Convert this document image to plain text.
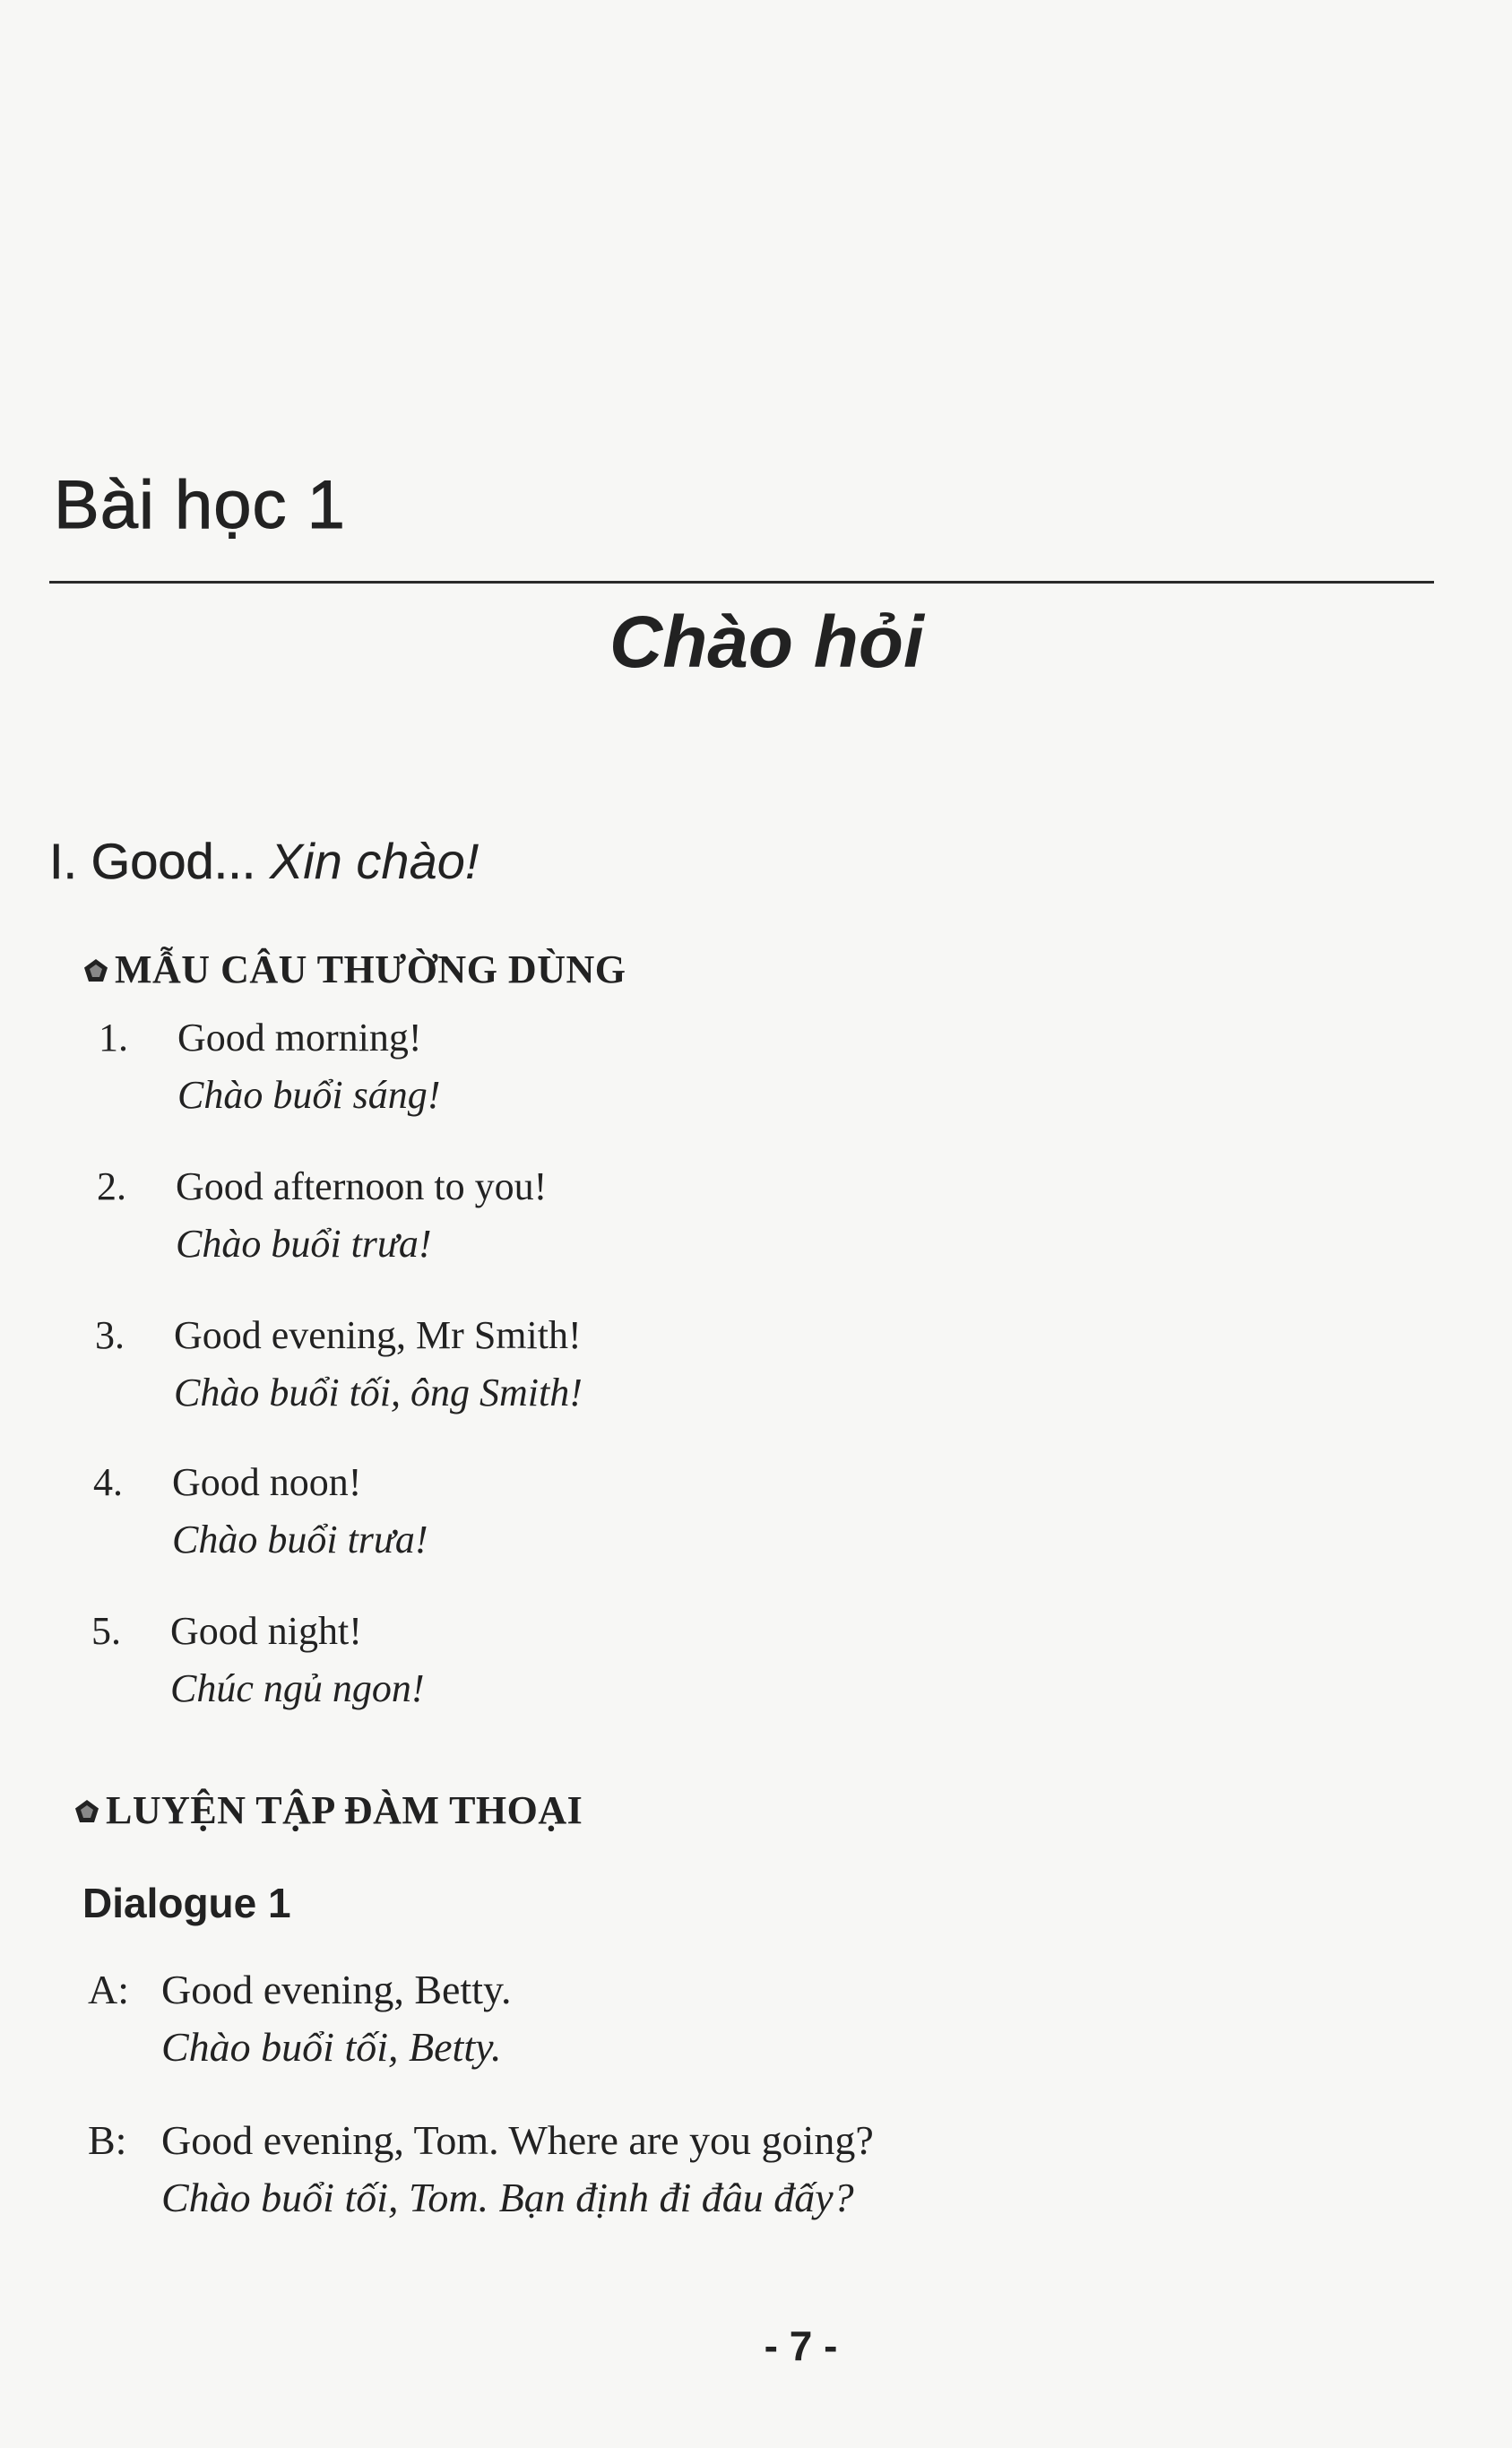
Bài học 1
Chào hỏi
I. Good... Xin chào!
MẪU CÂU THƯỜNG DÙNG
1. Good morning!
Chào buổi sáng!
2. Good afternoon to you!
Chào buổi trưa!
3. Good evening, Mr Smith!
Chào buổi tối, ông Smith!
4. Good noon!
Chào buổi trưa!
5. Good night!
Chúc ngủ ngon!
LUYỆN TẬP ĐÀM THOẠI
Dialogue 1
A: Good evening, Betty.
Chào buổi tối, Betty.
B: Good evening, Tom. Where are you going?
Chào buổi tối, Tom. Bạn định đi đâu đấy?
- 7 -
